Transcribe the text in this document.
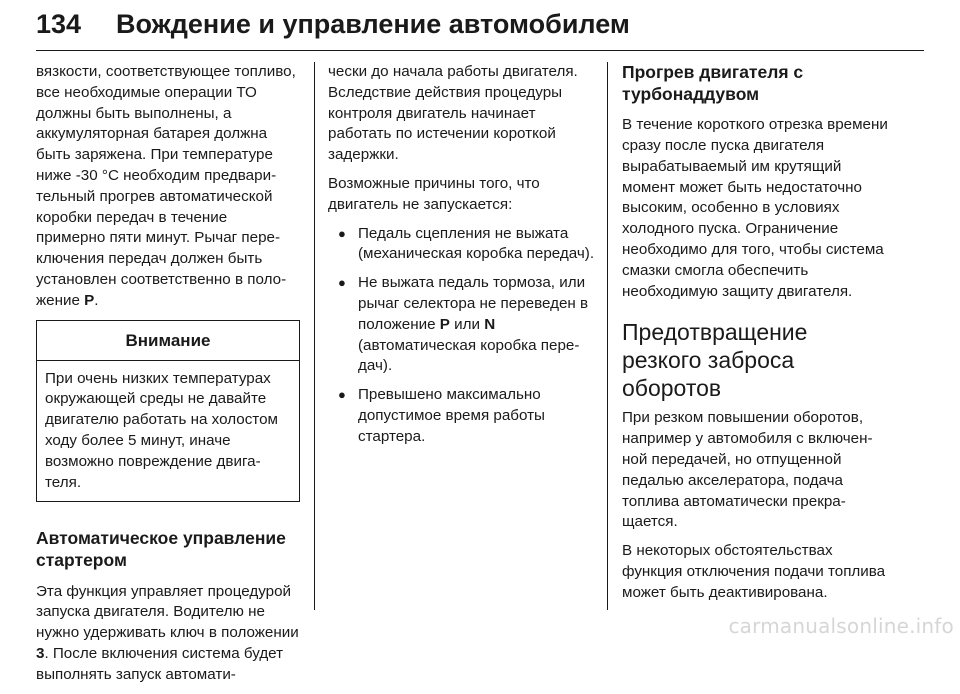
134 Вождение и управление автомобилем

вязкости, соответствующее топливо, все необходимые операции ТО должны быть выполнены, а аккумуляторная батарея должна быть заряжена. При температуре ниже -30 °C необходим предварительный прогрев автоматической коробки передач в течение примерно пяти минут. Рычаг переключения передач должен быть установлен соответственно в положение P.

Внимание
При очень низких температурах окружающей среды не давайте двигателю работать на холостом ходу более 5 минут, иначе возможно повреждение двигателя.
Автоматическое управление стартером

Эта функция управляет процедурой запуска двигателя. Водителю не нужно удерживать ключ в положении 3. После включения система будет выполнять запуск автомати-

чески до начала работы двигателя. Вследствие действия процедуры контроля двигатель начинает работать по истечении короткой задержки.

Возможные причины того, что двигатель не запускается:

● Педаль сцепления не выжата (механическая коробка передач).
● Не выжата педаль тормоза, или рычаг селектора не переведен в положение P или N (автоматическая коробка передач).
● Превышено максимально допустимое время работы стартера.
Прогрев двигателя с турбонаддувом

В течение короткого отрезка времени сразу после пуска двигателя вырабатываемый им крутящий момент может быть недостаточно высоким, особенно в условиях холодного пуска. Ограничение необходимо для того, чтобы система смазки смогла обеспечить необходимую защиту двигателя.

Предотвращение резкого заброса оборотов

При резком повышении оборотов, например у автомобиля с включенной передачей, но отпущенной педалью акселератора, подача топлива автоматически прекращается.

В некоторых обстоятельствах функция отключения подачи топлива может быть деактивирована.

carmanualsonline.info
